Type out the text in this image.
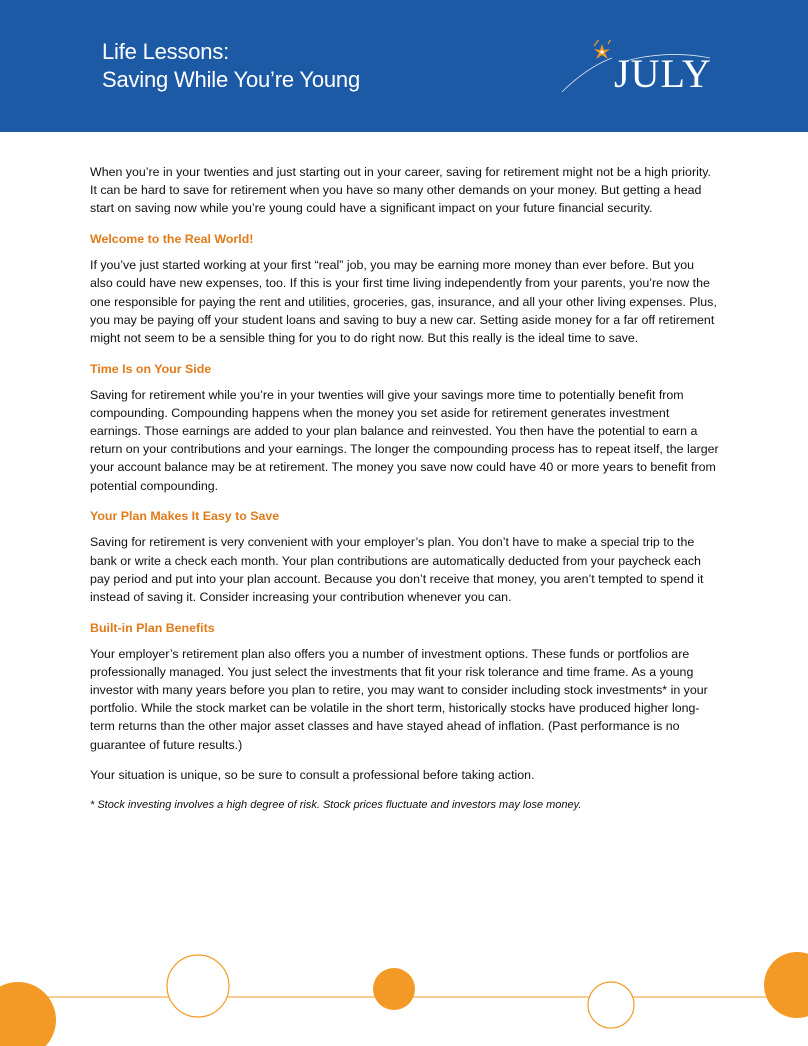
Life Lessons:
Saving While You’re Young	JULY

When you’re in your twenties and just starting out in your career, saving for retirement might not be a high priority. It can be hard to save for retirement when you have so many other demands on your money. But getting a head start on saving now while you’re young could have a significant impact on your future financial security.

Welcome to the Real World!

If you’ve just started working at your first “real” job, you may be earning more money than ever before. But you also could have new expenses, too. If this is your first time living independently from your parents, you’re now the one responsible for paying the rent and utilities, groceries, gas, insurance, and all your other living expenses. Plus, you may be paying off your student loans and saving to buy a new car. Setting aside money for a far off retirement might not seem to be a sensible thing for you to do right now. But this really is the ideal time to save.

Time Is on Your Side

Saving for retirement while you’re in your twenties will give your savings more time to potentially benefit from compounding. Compounding happens when the money you set aside for retirement generates investment earnings. Those earnings are added to your plan balance and reinvested. You then have the potential to earn a return on your contributions and your earnings. The longer the compounding process has to repeat itself, the larger your account balance may be at retirement. The money you save now could have 40 or more years to benefit from potential compounding.

Your Plan Makes It Easy to Save

Saving for retirement is very convenient with your employer’s plan. You don’t have to make a special trip to the bank or write a check each month. Your plan contributions are automatically deducted from your paycheck each pay period and put into your plan account. Because you don’t receive that money, you aren’t tempted to spend it instead of saving it. Consider increasing your contribution whenever you can.

Built-in Plan Benefits

Your employer’s retirement plan also offers you a number of investment options. These funds or portfolios are professionally managed. You just select the investments that fit your risk tolerance and time frame. As a young investor with many years before you plan to retire, you may want to consider including stock investments* in your portfolio. While the stock market can be volatile in the short term, historically stocks have produced higher long-term returns than the other major asset classes and have stayed ahead of inflation. (Past performance is no guarantee of future results.)

Your situation is unique, so be sure to consult a professional before taking action.

* Stock investing involves a high degree of risk. Stock prices fluctuate and investors may lose money.
